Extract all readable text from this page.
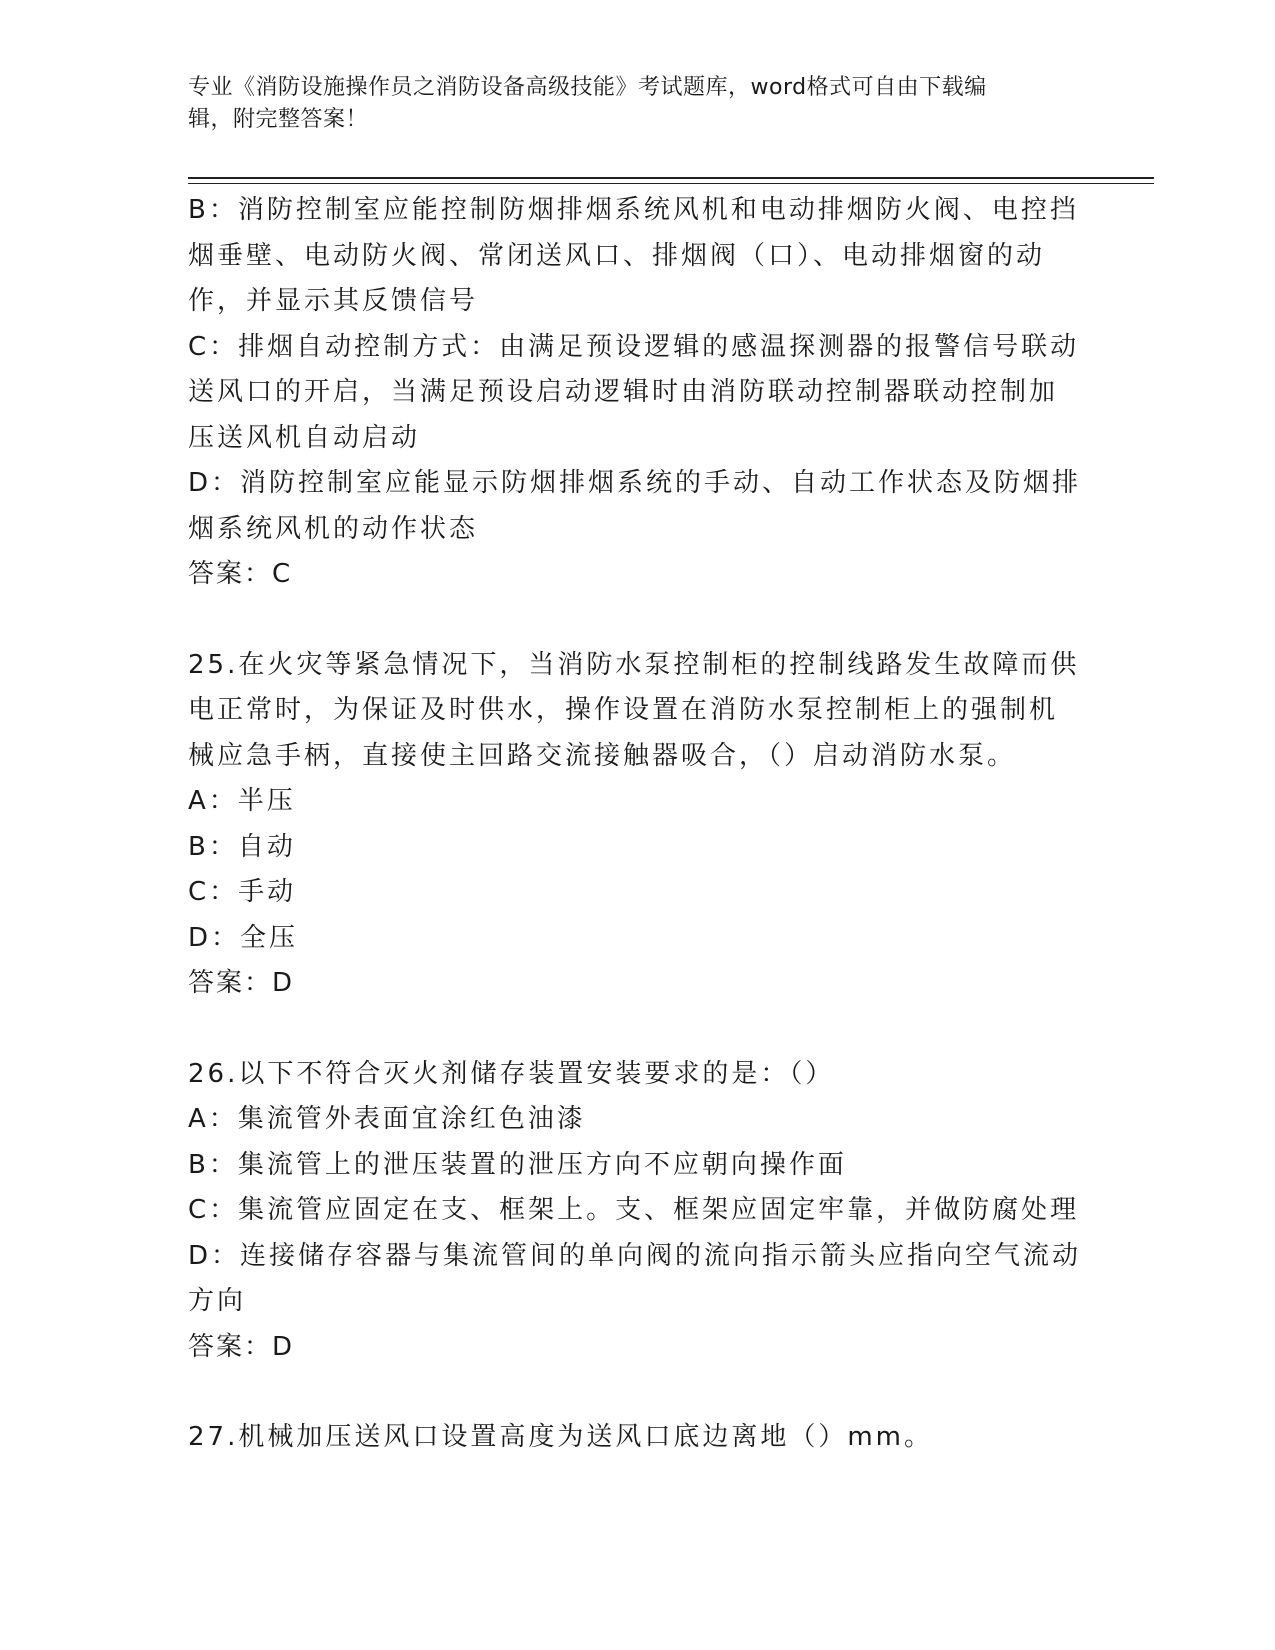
专业《消防设施操作员之消防设备高级技能》考试题库，word格式可自由下载编
辑，附完整答案！
B：消防控制室应能控制防烟排烟系统风机和电动排烟防火阀、电控挡
烟垂壁、电动防火阀、常闭送风口、排烟阀（口）、电动排烟窗的动
作，并显示其反馈信号
C：排烟自动控制方式：由满足预设逻辑的感温探测器的报警信号联动
送风口的开启，当满足预设启动逻辑时由消防联动控制器联动控制加
压送风机自动启动
D：消防控制室应能显示防烟排烟系统的手动、自动工作状态及防烟排
烟系统风机的动作状态
答案：C
25.在火灾等紧急情况下，当消防水泵控制柜的控制线路发生故障而供
电正常时，为保证及时供水，操作设置在消防水泵控制柜上的强制机
械应急手柄，直接使主回路交流接触器吸合，（）启动消防水泵。
A：半压
B：自动
C：手动
D：全压
答案：D
26.以下不符合灭火剂储存装置安装要求的是：（）
A：集流管外表面宜涂红色油漆
B：集流管上的泄压装置的泄压方向不应朝向操作面
C：集流管应固定在支、框架上。支、框架应固定牢靠，并做防腐处理
D：连接储存容器与集流管间的单向阀的流向指示箭头应指向空气流动
方向
答案：D
27.机械加压送风口设置高度为送风口底边离地（）mm。
